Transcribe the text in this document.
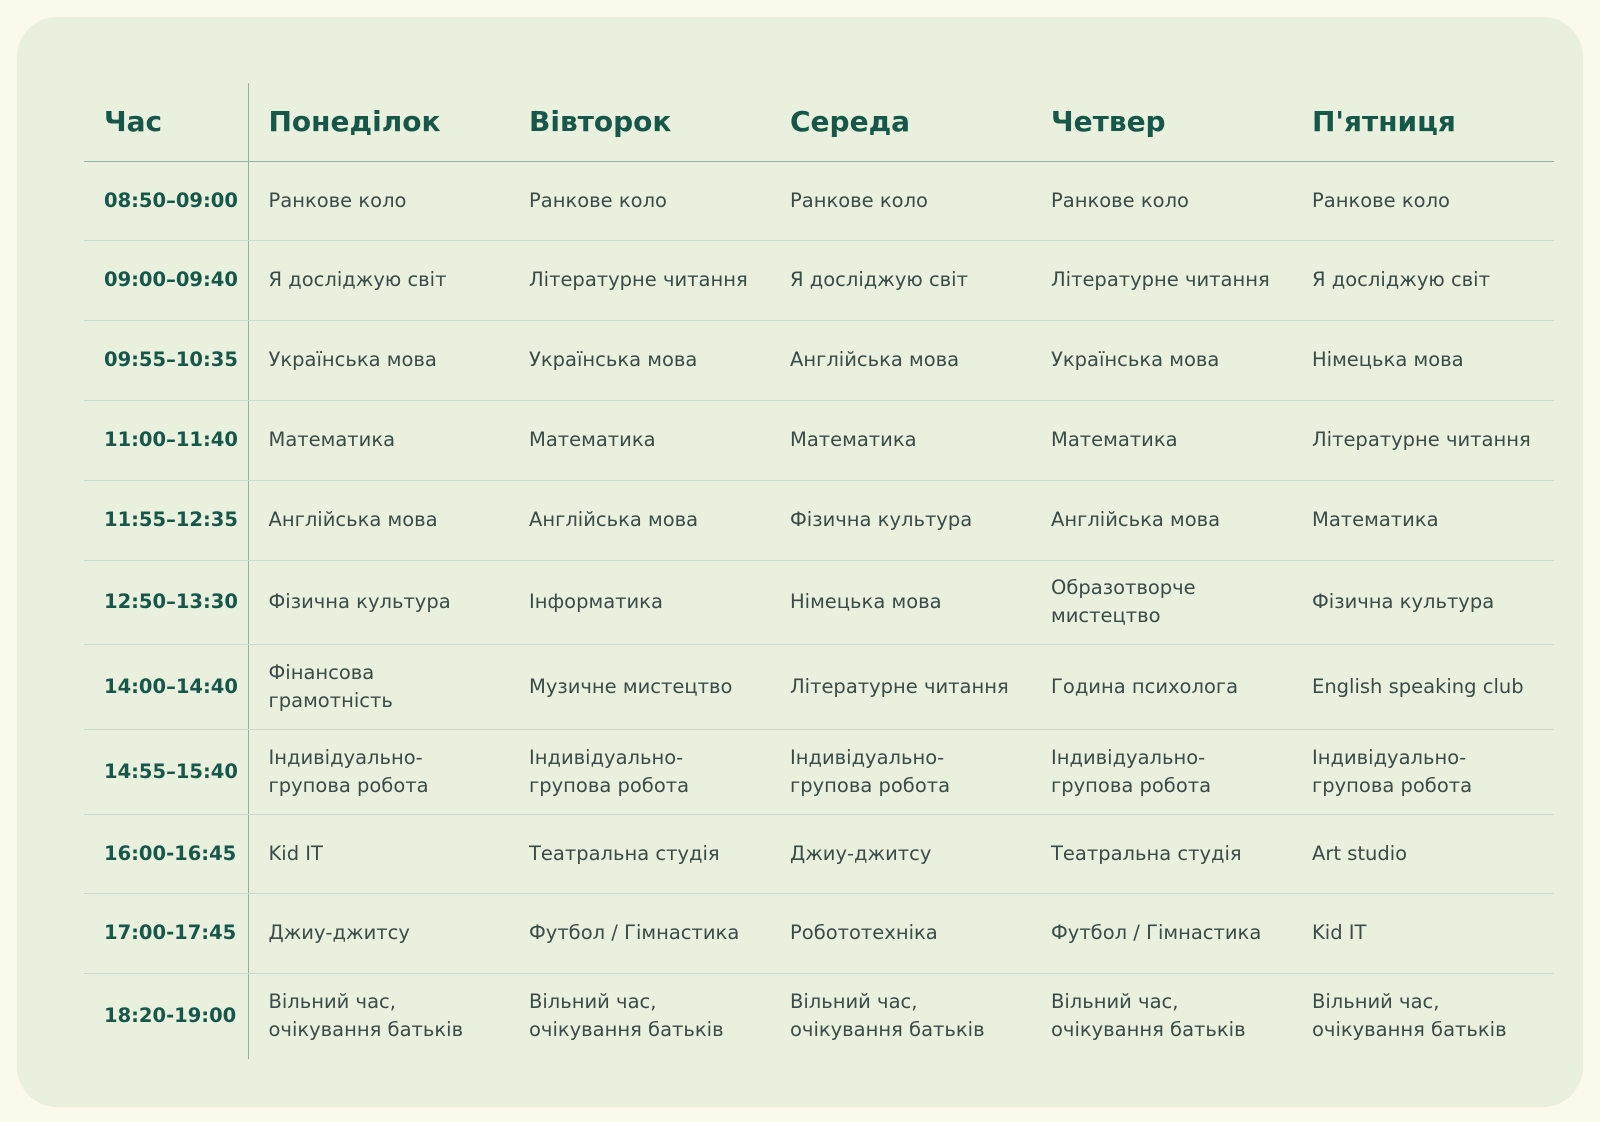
Час	Понеділок	Вівторок	Середа	Четвер	П'ятниця
08:50–09:00	Ранкове коло	Ранкове коло	Ранкове коло	Ранкове коло	Ранкове коло
09:00–09:40	Я досліджую світ	Літературне читання	Я досліджую світ	Літературне читання	Я досліджую світ
09:55–10:35	Українська мова	Українська мова	Англійська мова	Українська мова	Німецька мова
11:00–11:40	Математика	Математика	Математика	Математика	Літературне читання
11:55–12:35	Англійська мова	Англійська мова	Фізична культура	Англійська мова	Математика
12:50–13:30	Фізична культура	Інформатика	Німецька мова	Образотворче мистецтво	Фізична культура
14:00–14:40	Фінансова грамотність	Музичне мистецтво	Літературне читання	Година психолога	English speaking club
14:55–15:40	Індивідуально-групова робота	Індивідуально-групова робота	Індивідуально-групова робота	Індивідуально-групова робота	Індивідуально-групова робота
16:00-16:45	Kid IT	Театральна студія	Джиу-джитсу	Театральна студія	Art studio
17:00-17:45	Джиу-джитсу	Футбол / Гімнастика	Робототехніка	Футбол / Гімнастика	Kid IT
18:20-19:00	Вільний час, очікування батьків	Вільний час, очікування батьків	Вільний час, очікування батьків	Вільний час, очікування батьків	Вільний час, очікування батьків
